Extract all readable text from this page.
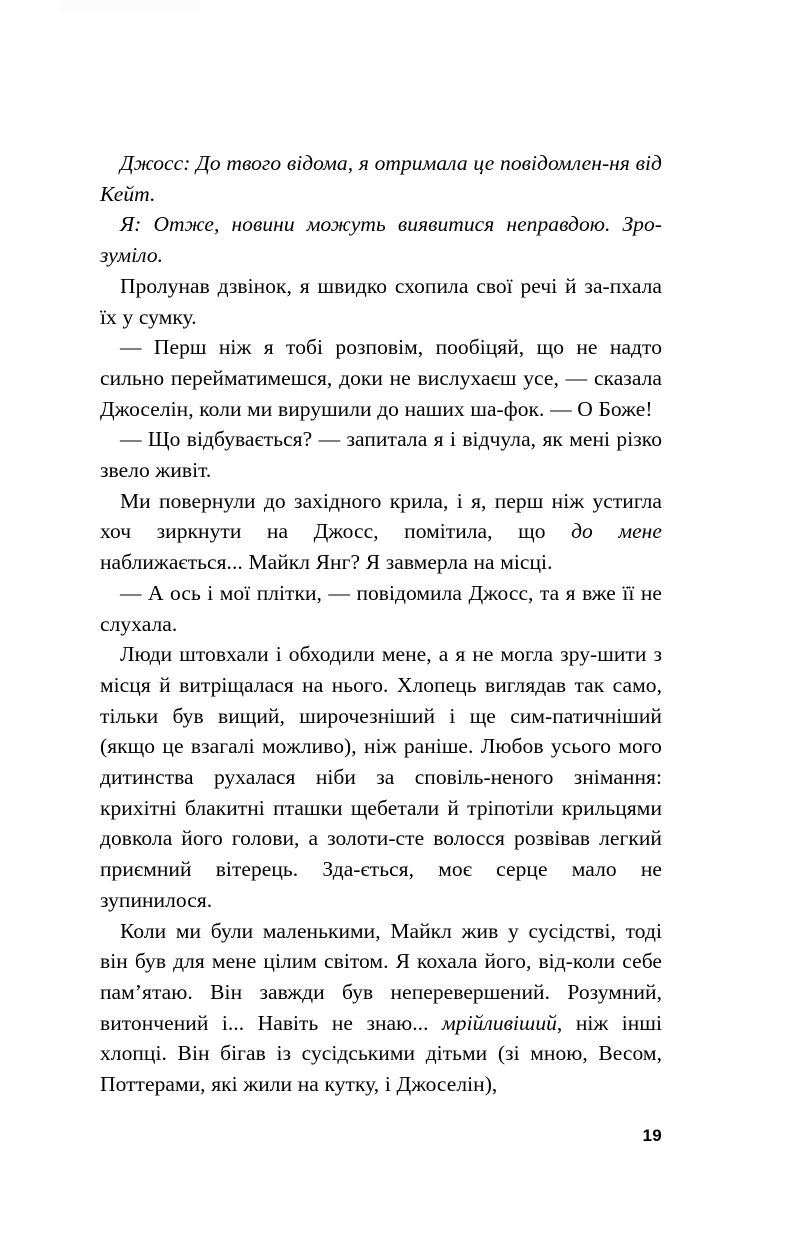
Джосс: До твого відома, я отримала це повідомлен-ня від Кейт.

Я: Отже, новини можуть виявитися неправдою. Зро-зуміло.

Пролунав дзвінок, я швидко схопила свої речі й за-пхала їх у сумку.

— Перш ніж я тобі розповім, пообіцяй, що не надто сильно перейматимешся, доки не вислухаєш усе, — сказала Джоселін, коли ми вирушили до наших ша-фок. — О Боже!

— Що відбувається? — запитала я і відчула, як мені різко звело живіт.

Ми повернули до західного крила, і я, перш ніж устигла хоч зиркнути на Джосс, помітила, що до мене наближається... Майкл Янг? Я завмерла на місці.

— А ось і мої плітки, — повідомила Джосс, та я вже її не слухала.

Люди штовхали і обходили мене, а я не могла зру-шити з місця й витріщалася на нього. Хлопець виглядав так само, тільки був вищий, широчезніший і ще сим-патичніший (якщо це взагалі можливо), ніж раніше. Любов усього мого дитинства рухалася ніби за сповіль-неного знімання: крихітні блакитні пташки щебетали й тріпотіли крильцями довкола його голови, а золоти-сте волосся розвівав легкий приємний вітерець. Зда-ється, моє серце мало не зупинилося.

Коли ми були маленькими, Майкл жив у сусідстві, тоді він був для мене цілим світом. Я кохала його, від-коли себе пам’ятаю. Він завжди був неперевершений. Розумний, витончений і... Навіть не знаю... мрійливіший, ніж інші хлопці. Він бігав із сусідськими дітьми (зі мною, Весом, Поттерами, які жили на кутку, і Джоселін),

19
